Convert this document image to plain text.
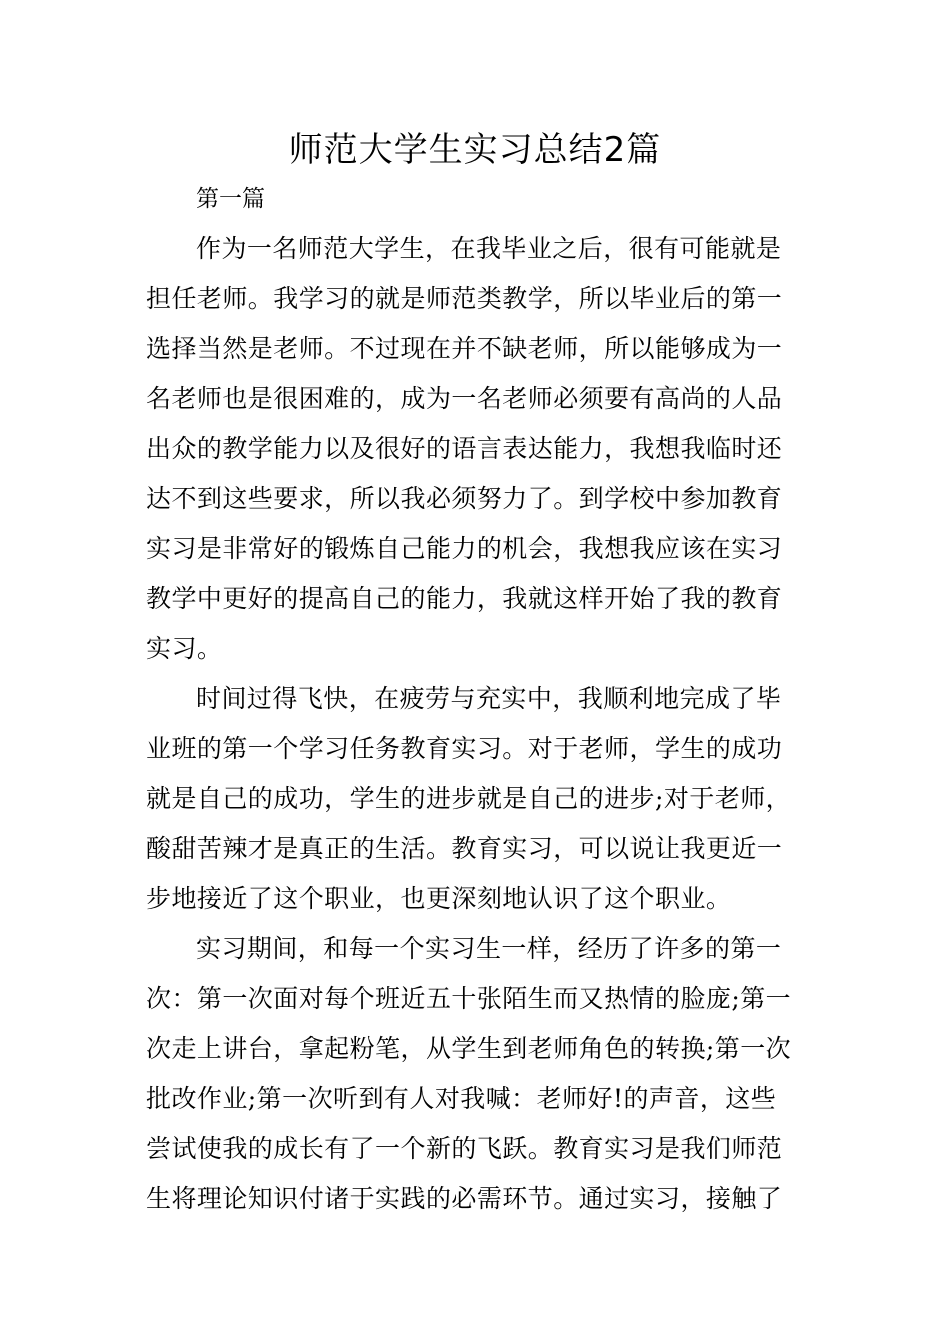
师范大学生实习总结2篇

第一篇

作为一名师范大学生，在我毕业之后，很有可能就是

担任老师。我学习的就是师范类教学，所以毕业后的第一

选择当然是老师。不过现在并不缺老师，所以能够成为一

名老师也是很困难的，成为一名老师必须要有高尚的人品

出众的教学能力以及很好的语言表达能力，我想我临时还

达不到这些要求，所以我必须努力了。到学校中参加教育

实习是非常好的锻炼自己能力的机会，我想我应该在实习

教学中更好的提高自己的能力，我就这样开始了我的教育

实习。

时间过得飞快，在疲劳与充实中，我顺利地完成了毕

业班的第一个学习任务教育实习。对于老师，学生的成功

就是自己的成功，学生的进步就是自己的进步;对于老师，

酸甜苦辣才是真正的生活。教育实习，可以说让我更近一

步地接近了这个职业，也更深刻地认识了这个职业。

实习期间，和每一个实习生一样，经历了许多的第一

次：第一次面对每个班近五十张陌生而又热情的脸庞;第一

次走上讲台，拿起粉笔，从学生到老师角色的转换;第一次

批改作业;第一次听到有人对我喊：老师好!的声音，这些

尝试使我的成长有了一个新的飞跃。教育实习是我们师范

生将理论知识付诸于实践的必需环节。通过实习，接触了
